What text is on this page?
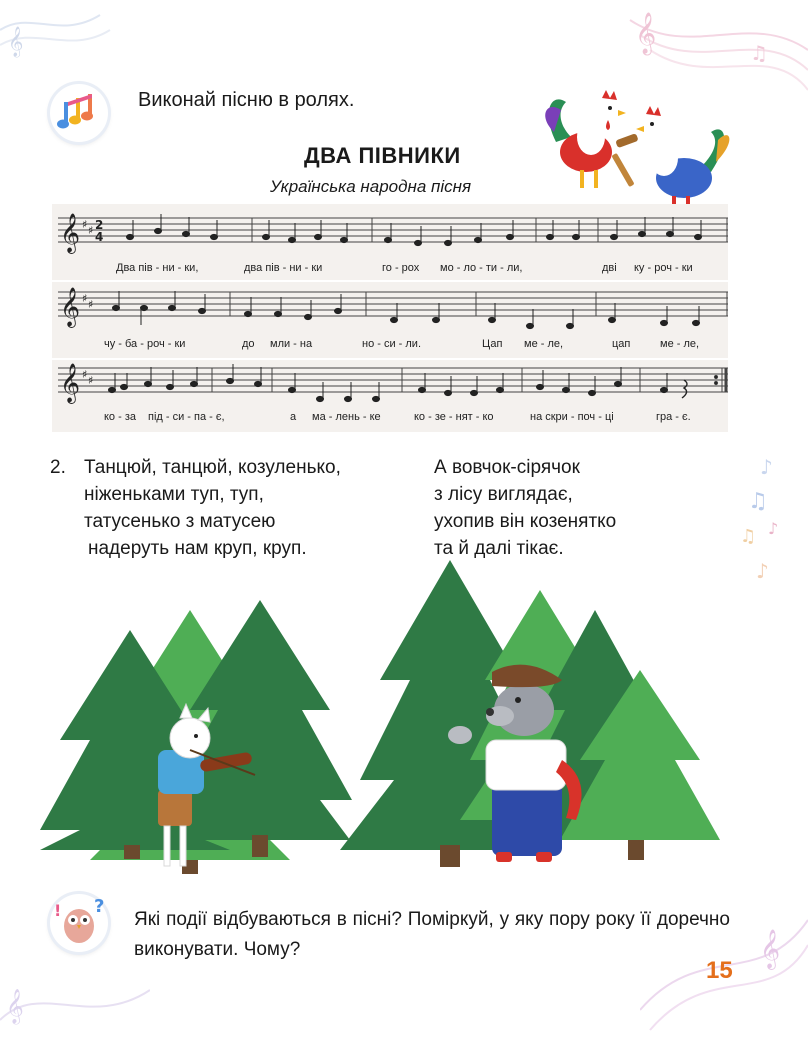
𝄞	𝄞	♫
♪
♫
♫ ♪
♪
𝄞
𝄞
Виконай пісню в ролях.
ДВА ПІВНИКИ
Українська народна пісня
𝄞 ♯ ♯ 2
4
Два пів - ни - ки,	два пів - ни - ки	го - рох мо - ло - ти - ли,	дві ку - роч - ки
𝄞 ♯ ♯
чу - ба - роч - ки	до мли - на	но - си - ли.	Цап ме - ле,	цап	ме - ле,
𝄞 ♯ ♯
ко - за під - си - па - є,	а ма - лень - ке	ко - зе - нят - ко	на скри - поч - ці	гра - є.
2. Танцюй, танцюй, козуленько,
ніженьками туп, туп,
татусенько з матусею
надеруть нам круп, круп.
А вовчок-сірячок
з лісу виглядає,
ухопив він козенятко
та й далі тікає.
! ?
Які події відбуваються в пісні? Поміркуй, у яку пору року її доречно виконувати. Чому?
15
